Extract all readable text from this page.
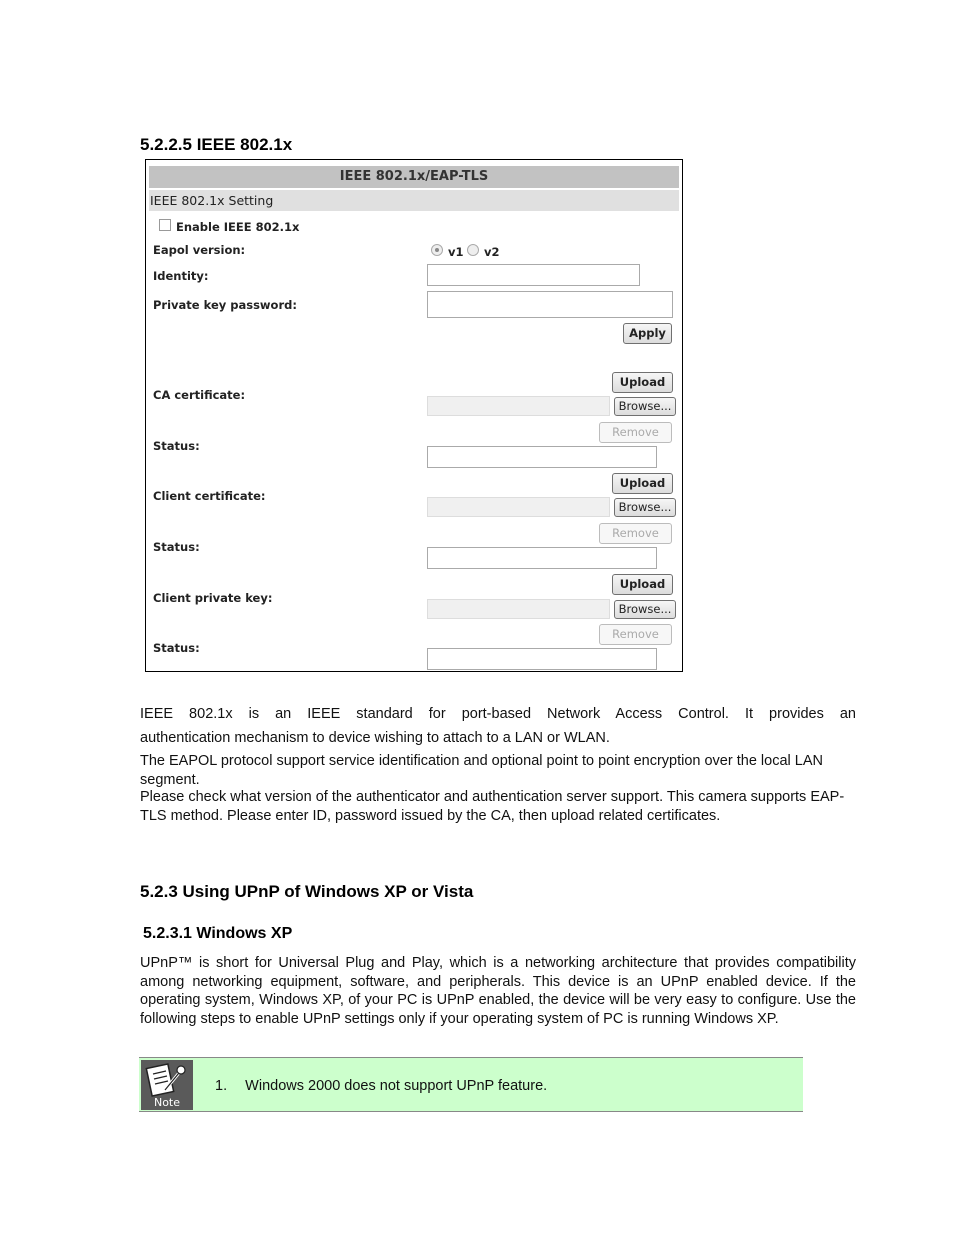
5.2.2.5 IEEE 802.1x
IEEE 802.1x/EAP-TLS
IEEE 802.1x Setting
Enable IEEE 802.1x
Eapol version:	v1 v2
Identity:
Private key password:
Apply
CA certificate:
Upload
Browse...
Remove
Status:
Client certificate:
Upload
Browse...
Remove
Status:
Client private key:
Upload
Browse...
Remove
Status:
IEEE 802.1x is an IEEE standard for port-based Network Access Control. It provides an
authentication mechanism to device wishing to attach to a LAN or WLAN.
The EAPOL protocol support service identification and optional point to point encryption over the local LAN segment.
Please check what version of the authenticator and authentication server support. This camera supports EAP-TLS method. Please enter ID, password issued by the CA, then upload related certificates.
5.2.3 Using UPnP of Windows XP or Vista
5.2.3.1 Windows XP
UPnP™ is short for Universal Plug and Play, which is a networking architecture that provides compatibility among networking equipment, software, and peripherals. This device is an UPnP enabled device. If the operating system, Windows XP, of your PC is UPnP enabled, the device will be very easy to configure. Use the following steps to enable UPnP settings only if your operating system of PC is running Windows XP.
Note
1. Windows 2000 does not support UPnP feature.
